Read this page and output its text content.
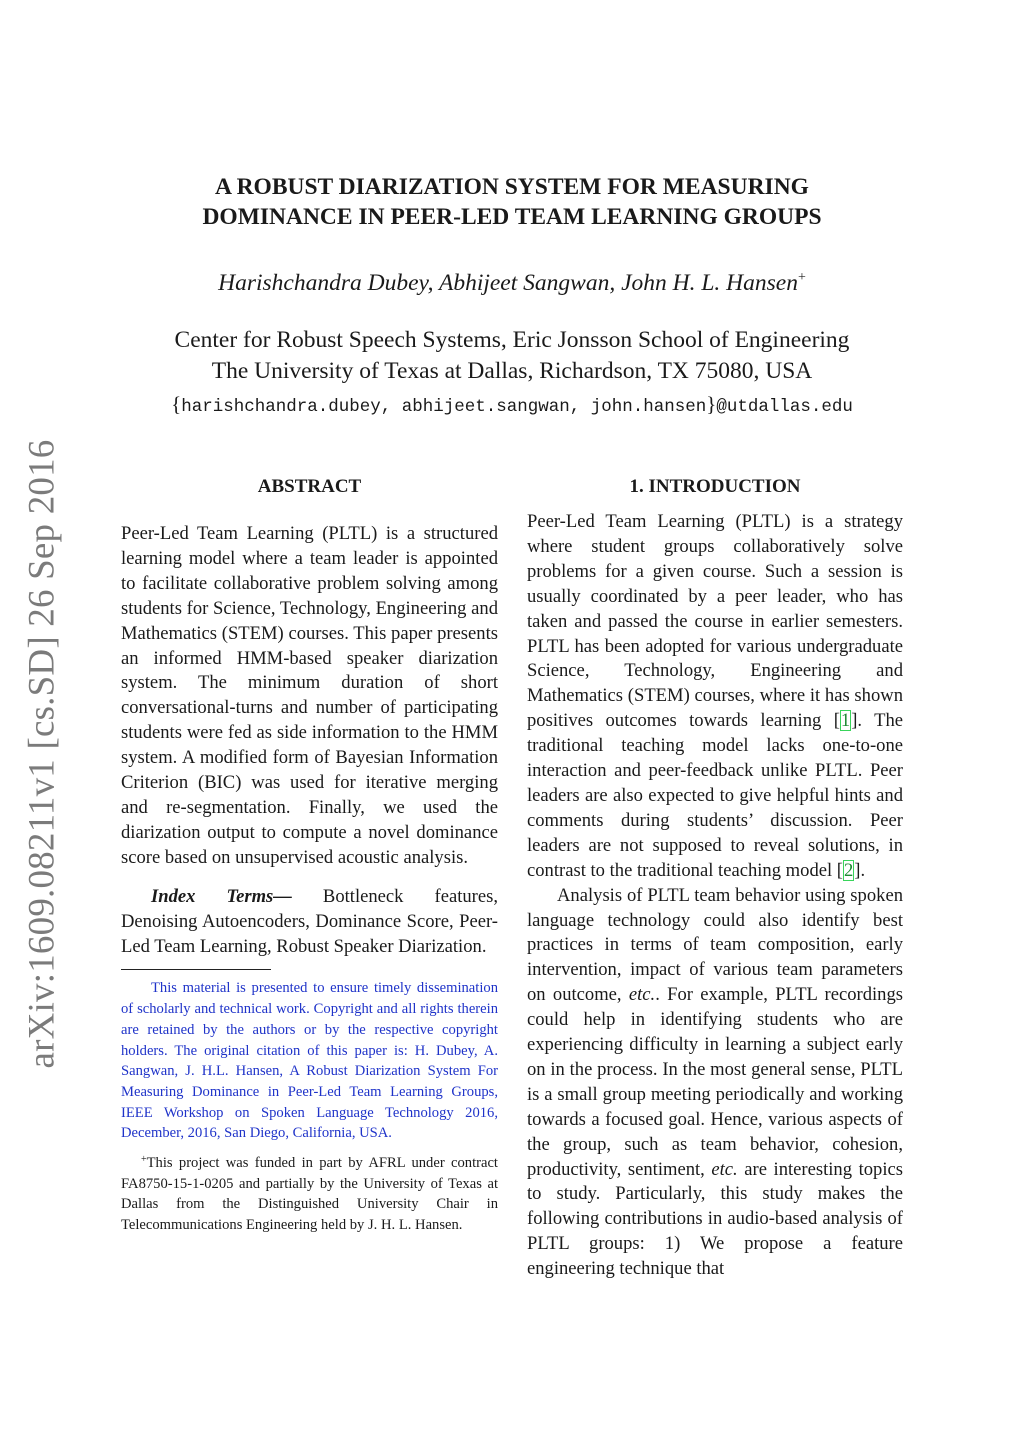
A ROBUST DIARIZATION SYSTEM FOR MEASURING
DOMINANCE IN PEER-LED TEAM LEARNING GROUPS
Harishchandra Dubey, Abhijeet Sangwan, John H. L. Hansen+
Center for Robust Speech Systems, Eric Jonsson School of Engineering
The University of Texas at Dallas, Richardson, TX 75080, USA
{harishchandra.dubey, abhijeet.sangwan, john.hansen}@utdallas.edu
arXiv:1609.08211v1 [cs.SD] 26 Sep 2016	ABSTRACT

Peer-Led Team Learning (PLTL) is a structured learning model where a team leader is appointed to facilitate collaborative problem solving among students for Science, Technology, Engineering and Mathematics (STEM) courses. This paper presents an informed HMM-based speaker diarization system. The minimum duration of short conversational-turns and number of participating students were fed as side information to the HMM system. A modified form of Bayesian Information Criterion (BIC) was used for iterative merging and re-segmentation. Finally, we used the diarization output to compute a novel dominance score based on unsupervised acoustic analysis.

Index Terms— Bottleneck features, Denoising Autoencoders, Dominance Score, Peer-Led Team Learning, Robust Speaker Diarization.

This material is presented to ensure timely dissemination of scholarly and technical work. Copyright and all rights therein are retained by the authors or by the respective copyright holders. The original citation of this paper is: H. Dubey, A. Sangwan, J. H.L. Hansen, A Robust Diarization System For Measuring Dominance in Peer-Led Team Learning Groups, IEEE Workshop on Spoken Language Technology 2016, December, 2016, San Diego, California, USA.

+This project was funded in part by AFRL under contract FA8750-15-1-0205 and partially by the University of Texas at Dallas from the Distinguished University Chair in Telecommunications Engineering held by J. H. L. Hansen.

1. INTRODUCTION

Peer-Led Team Learning (PLTL) is a strategy where student groups collaboratively solve problems for a given course. Such a session is usually coordinated by a peer leader, who has taken and passed the course in earlier semesters. PLTL has been adopted for various undergraduate Science, Technology, Engineering and Mathematics (STEM) courses, where it has shown positives outcomes towards learning [1]. The traditional teaching model lacks one-to-one interaction and peer-feedback unlike PLTL. Peer leaders are also expected to give helpful hints and comments during students’ discussion. Peer leaders are not supposed to reveal solutions, in contrast to the traditional teaching model [2].

Analysis of PLTL team behavior using spoken language technology could also identify best practices in terms of team composition, early intervention, impact of various team parameters on outcome, etc.. For example, PLTL recordings could help in identifying students who are experiencing difficulty in learning a subject early on in the process. In the most general sense, PLTL is a small group meeting periodically and working towards a focused goal. Hence, various aspects of the group, such as team behavior, cohesion, productivity, sentiment, etc. are interesting topics to study. Particularly, this study makes the following contributions in audio-based analysis of PLTL groups: 1) We propose a feature engineering technique that
